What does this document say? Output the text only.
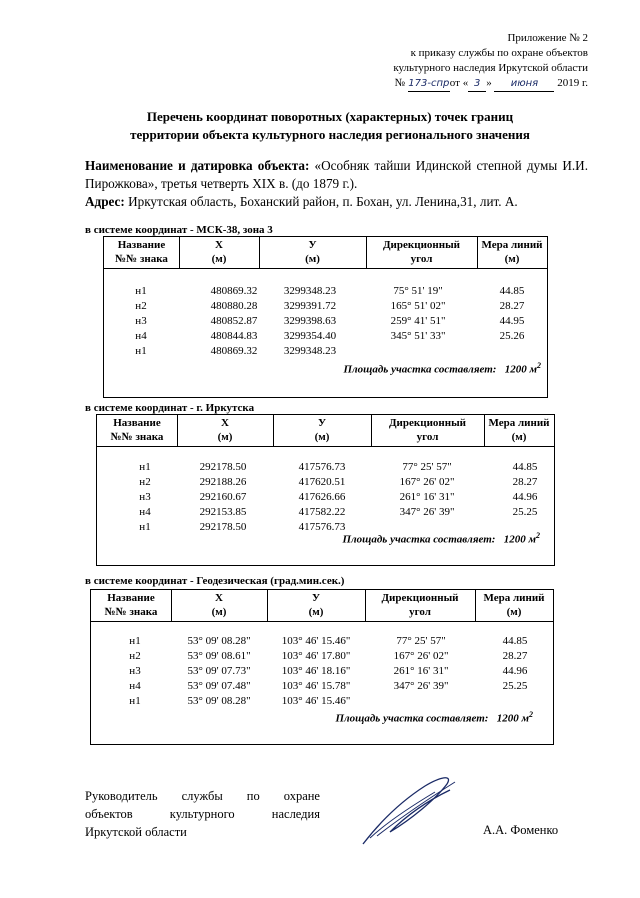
Приложение № 2
к приказу службы по охране объектов
культурного наследия Иркутской области
№ 173-спрот « 3 » июня 2019 г.
Перечень координат поворотных (характерных) точек границ
территории объекта культурного наследия регионального значения
Наименование и датировка объекта: «Особняк тайши Идинской степной думы И.И. Пирожкова», третья четверть XIX в. (до 1879 г.).
Адрес: Иркутская область, Боханский район, п. Бохан, ул. Ленина,31, лит. А.
в системе координат - МСК-38, зона 3
Название
№№ знака
X
(м)
У
(м)
Дирекционный
угол
Мера линий
(м)
н1	480869.32 3299348.23	75° 51' 19"	44.85
н2	480880.28 3299391.72	165° 51' 02"	28.27
н3	480852.87 3299398.63	259° 41' 51"	44.95
н4	480844.83 3299354.40	345° 51' 33"	25.26
н1	480869.32 3299348.23
Площадь участка составляет: 1200 $м^2$
в системе координат - г. Иркутска
Название
№№ знака
X
(м)
У
(м)
Дирекционный
угол
Мера линий
(м)
н1	292178.50	417576.73	77° 25' 57"	44.85
н2	292188.26	417620.51	167° 26' 02"	28.27
н3	292160.67	417626.66	261° 16' 31"	44.96
н4	292153.85	417582.22	347° 26' 39"	25.25
н1	292178.50	417576.73
Площадь участка составляет: 1200 $м^2$
в системе координат - Геодезическая (град.мин.сек.)
Название
№№ знака
X
(м)
У
(м)
Дирекционный
угол
Мера линий
(м)
н1	53° 09' 08.28"	103° 46' 15.46"	77° 25' 57"	44.85
н2	53° 09' 08.61"	103° 46' 17.80"	167° 26' 02"	28.27
н3	53° 09' 07.73"	103° 46' 18.16"	261° 16' 31"	44.96
н4	53° 09' 07.48"	103° 46' 15.78"	347° 26' 39"	25.25
н1	53° 09' 08.28"	103° 46' 15.46"
Площадь участка составляет: 1200 $м^2$
Руководитель службы по охране
объектов культурного наследия
Иркутской области	А.А. Фоменко
